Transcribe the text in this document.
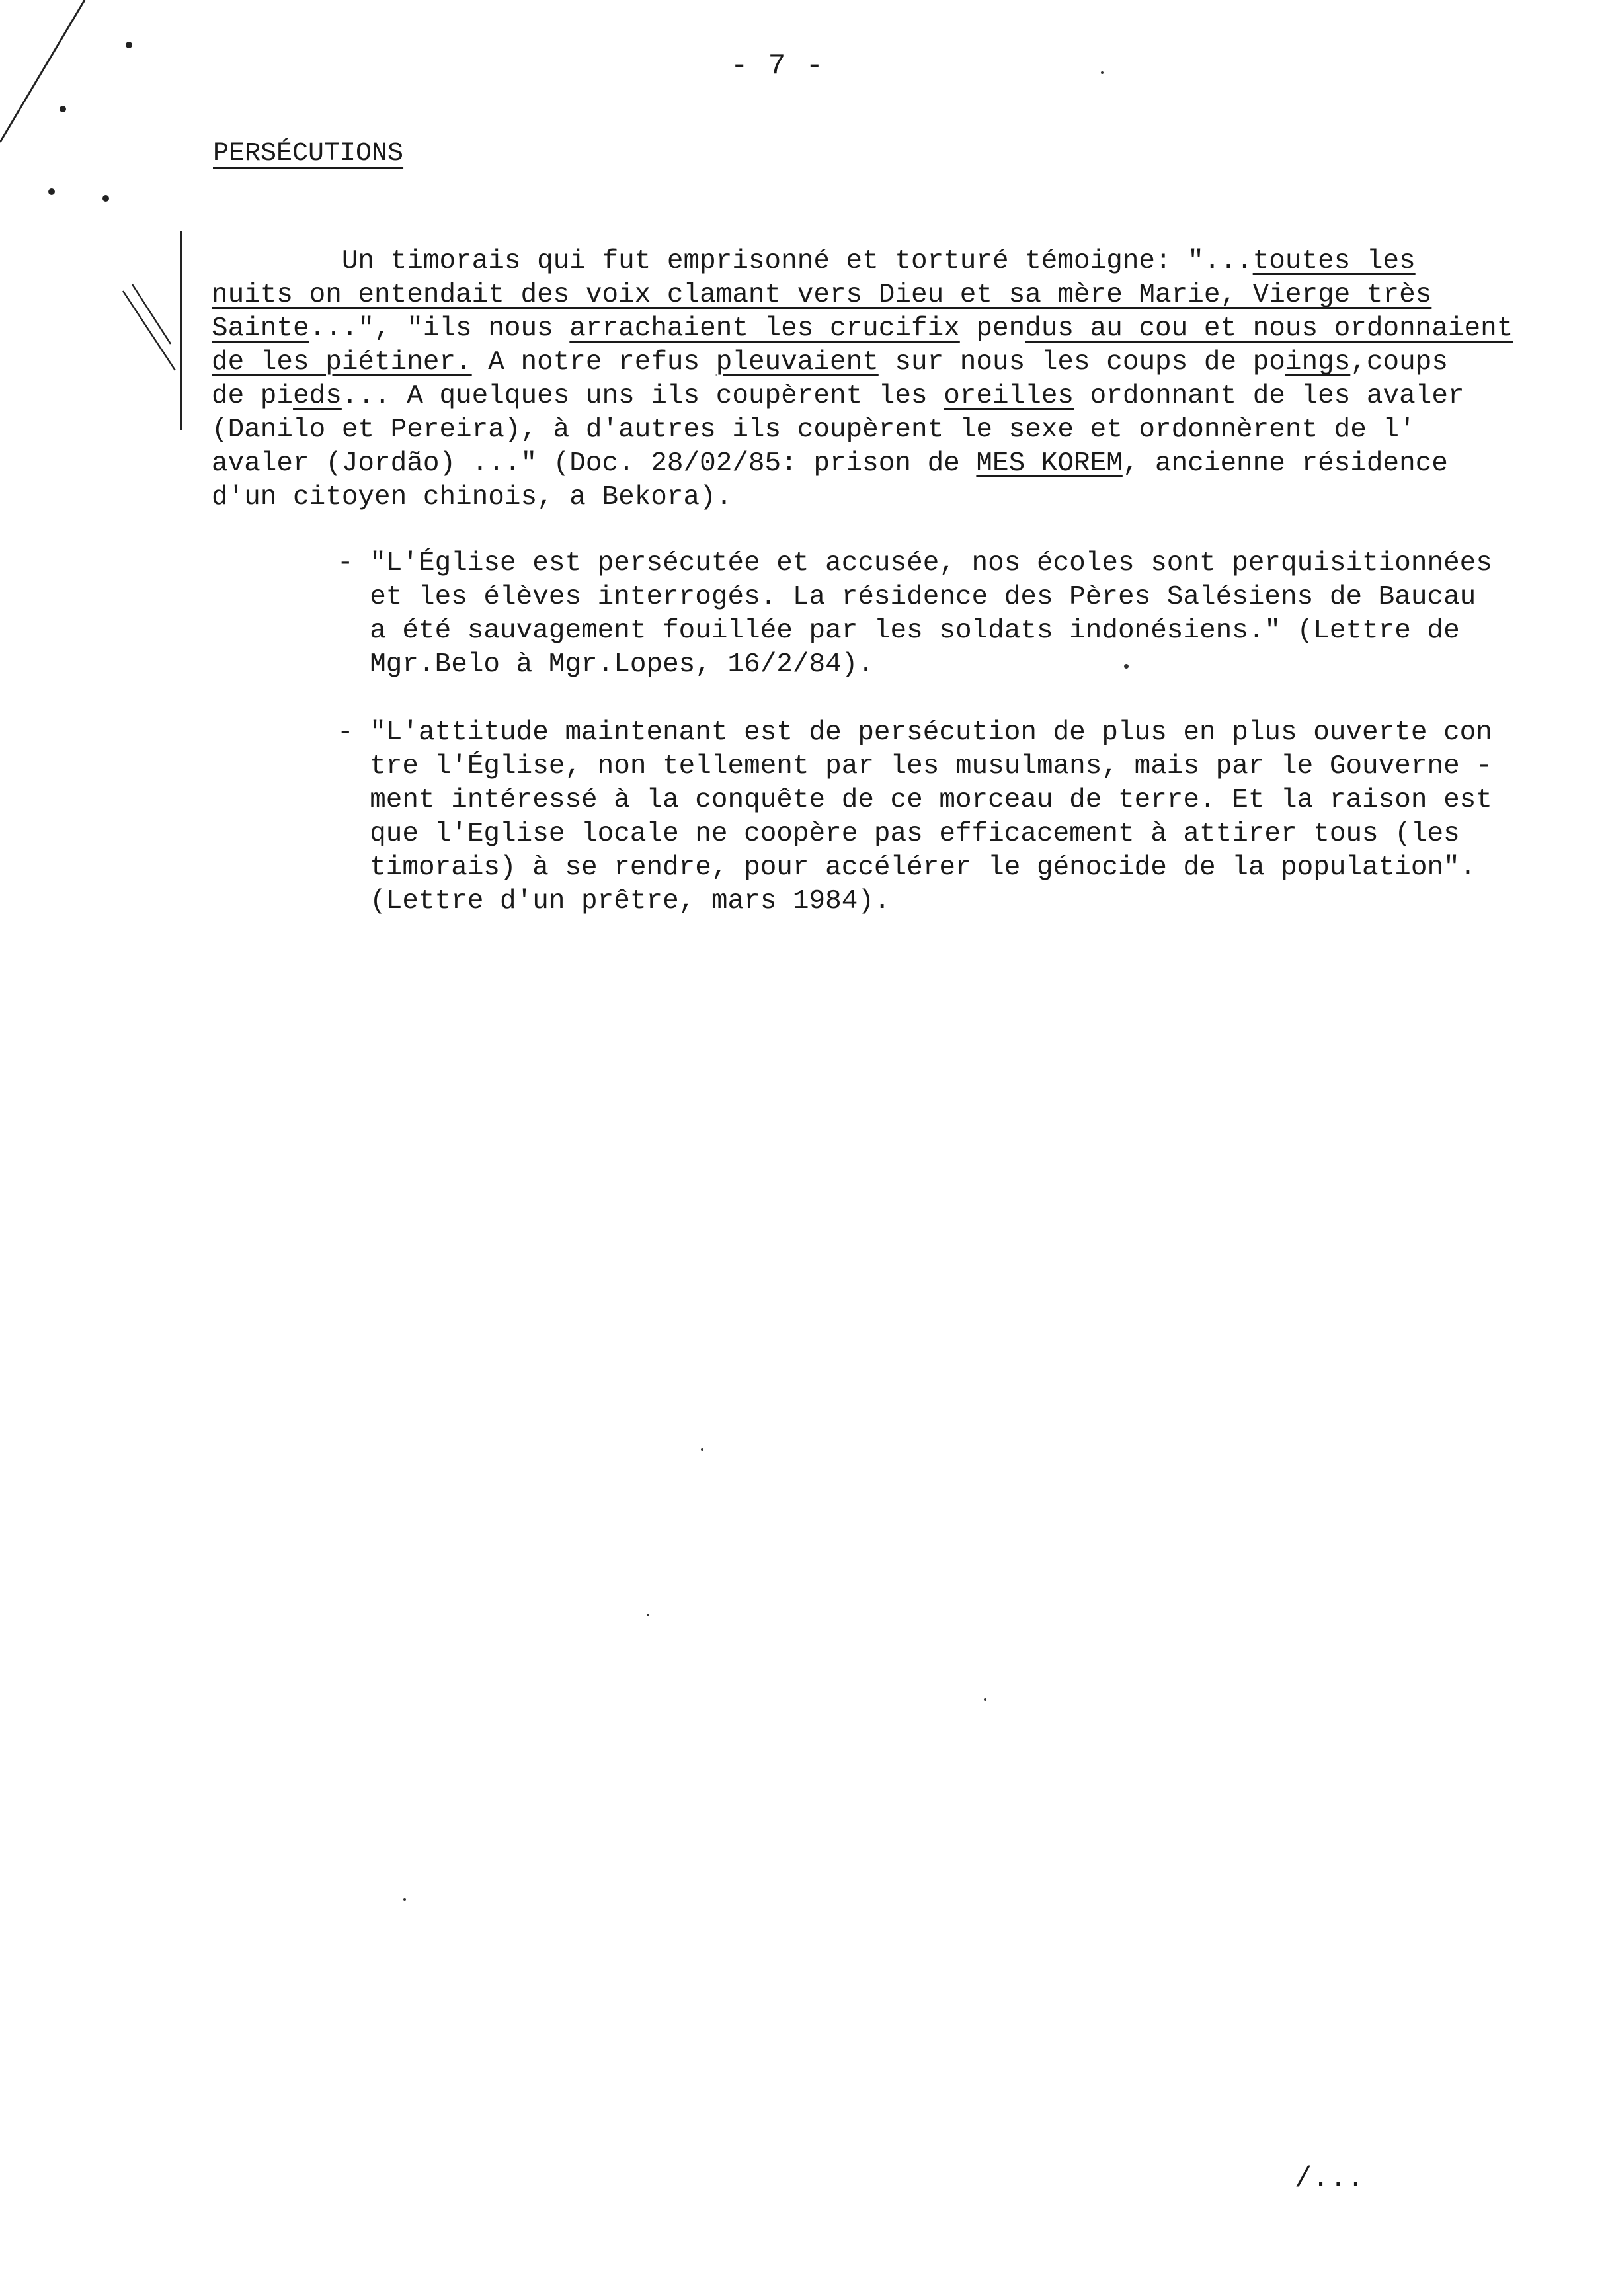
- 7 -
PERSÉCUTIONS
Un timorais qui fut emprisonné et torturé témoigne: "...toutes les
nuits on entendait des voix clamant vers Dieu et sa mère Marie, Vierge très
Sainte...", "ils nous arrachaient les crucifix pendus au cou et nous ordonnaient
de les piétiner. A notre refus pleuvaient sur nous les coups de poings,coups
de pieds... A quelques uns ils coupèrent les oreilles ordonnant de les avaler
(Danilo et Pereira), à d'autres ils coupèrent le sexe et ordonnèrent de l'
avaler (Jordão) ..." (Doc. 28/02/85: prison de MES KOREM, ancienne résidence
d'un citoyen chinois, a Bekora).
- "L'Église est persécutée et accusée, nos écoles sont perquisitionnées
et les élèves interrogés. La résidence des Pères Salésiens de Baucau
a été sauvagement fouillée par les soldats indonésiens." (Lettre de
Mgr.Belo à Mgr.Lopes, 16/2/84).
- "L'attitude maintenant est de persécution de plus en plus ouverte con
tre l'Église, non tellement par les musulmans, mais par le Gouverne -
ment intéressé à la conquête de ce morceau de terre. Et la raison est
que l'Eglise locale ne coopère pas efficacement à attirer tous (les
timorais) à se rendre, pour accélérer le génocide de la population".
(Lettre d'un prêtre, mars 1984).
/...
